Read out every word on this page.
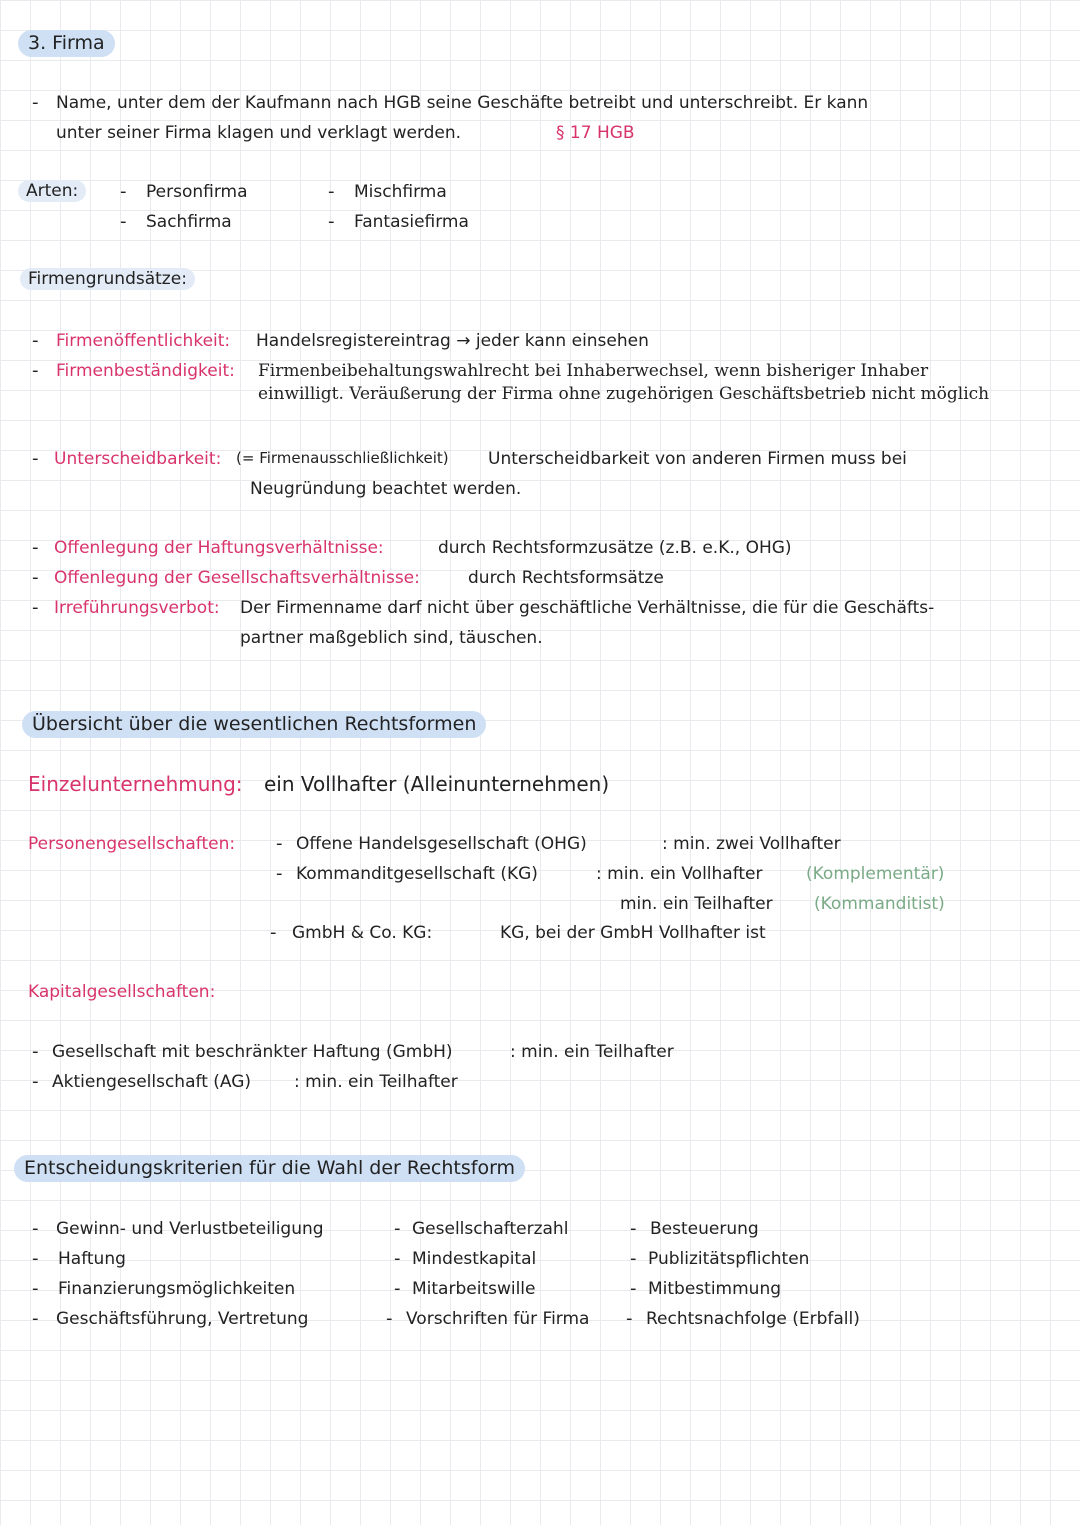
3. Firma
- Name, unter dem der Kaufmann nach HGB seine Geschäfte betreibt und unterschreibt. Er kann
unter seiner Firma klagen und verklagt werden.	§ 17 HGB
Arten:	- Personfirma
- Sachfirma
- Mischfirma
- Fantasiefirma
Firmengrundsätze:
- Firmenöffentlichkeit: Handelsregistereintrag → jeder kann einsehen
- Firmenbeständigkeit: Firmenbeibehaltungswahlrecht bei Inhaberwechsel, wenn bisheriger Inhaber einwilligt. Veräußerung der Firma ohne zugehörigen Geschäftsbetrieb nicht möglich
- Unterscheidbarkeit: (= Firmenausschließlichkeit) Unterscheidbarkeit von anderen Firmen muss bei
Neugründung beachtet werden.
- Offenlegung der Haftungsverhältnisse:	durch Rechtsformzusätze (z.B. e.K., OHG)
- Offenlegung der Gesellschaftsverhältnisse:	durch Rechtsformsätze
- Irreführungsverbot: Der Firmenname darf nicht über geschäftliche Verhältnisse, die für die Geschäfts-
partner maßgeblich sind, täuschen.
Übersicht über die wesentlichen Rechtsformen
Einzelunternehmung: ein Vollhafter (Alleinunternehmen)
Personengesellschaften: - Offene Handelsgesellschaft (OHG)	: min. zwei Vollhafter
- Kommanditgesellschaft (KG)	: min. ein Vollhafter	(Komplementär)
min. ein Teilhafter (Kommanditist)
- GmbH & Co. KG:	KG, bei der GmbH Vollhafter ist
Kapitalgesellschaften:
- Gesellschaft mit beschränkter Haftung (GmbH)	: min. ein Teilhafter
- Aktiengesellschaft (AG)	: min. ein Teilhafter
Entscheidungskriterien für die Wahl der Rechtsform
- Gewinn- und Verlustbeteiligung
- Haftung
- Finanzierungsmöglichkeiten
- Geschäftsführung, Vertretung
- Gesellschafterzahl
- Mindestkapital
- Mitarbeitswille
- Vorschriften für Firma
- Besteuerung
- Publizitätspflichten
- Mitbestimmung
- Rechtsnachfolge (Erbfall)
